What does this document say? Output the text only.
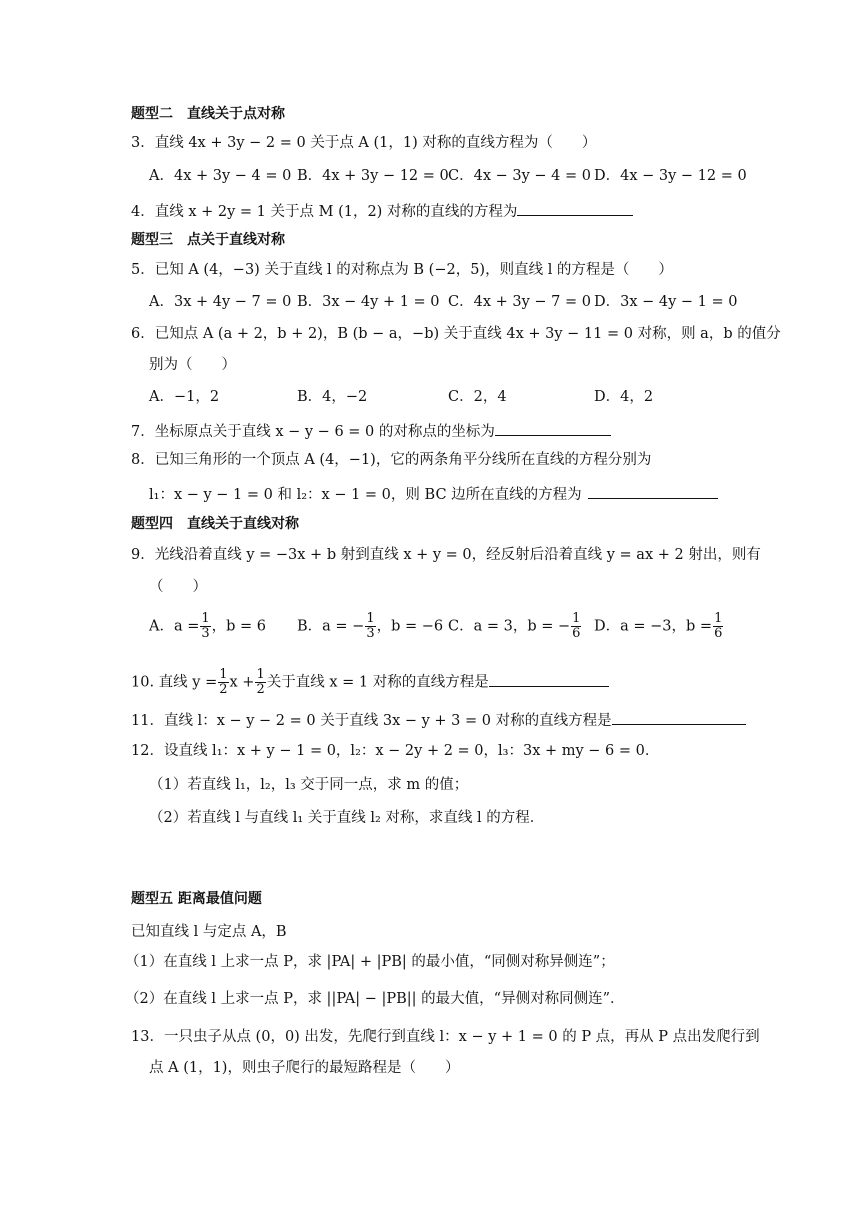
题型二　直线关于点对称
3．直线 4x + 3y − 2 = 0 关于点 A (1，1) 对称的直线方程为（　　）
A．4x + 3y − 4 = 0 B．4x + 3y − 12 = 0 C．4x − 3y − 4 = 0 D．4x − 3y − 12 = 0
4．直线 x + 2y = 1 关于点 M (1，2) 对称的直线的方程为
题型三　点关于直线对称
5．已知 A (4，−3) 关于直线 l 的对称点为 B (−2，5)，则直线 l 的方程是（　　）
A．3x + 4y − 7 = 0 B．3x − 4y + 1 = 0 C．4x + 3y − 7 = 0 D．3x − 4y − 1 = 0
6．已知点 A (a + 2，b + 2)，B (b − a，−b) 关于直线 4x + 3y − 11 = 0 对称，则 a，b 的值分
别为（　　）
A．−1，2	B．4，−2	C．2，4	D．4，2
7．坐标原点关于直线 x − y − 6 = 0 的对称点的坐标为
8．已知三角形的一个顶点 A (4，−1)，它的两条角平分线所在直线的方程分别为
l₁：x − y − 1 = 0 和 l₂：x − 1 = 0，则 BC 边所在直线的方程为
题型四　直线关于直线对称
9．光线沿着直线 y = −3x + b 射到直线 x + y = 0，经反射后沿着直线 y = ax + 2 射出，则有
（　　）
A．$a = \frac{1}{3}$ ，b = 6 B．a = − $\frac{1}{3}$ ，b = −6 C．a = 3，b = − $\frac{1}{6}$ D．a = −3，$b = \frac{1}{6}$
10. 直线 $y = \frac{1}{2}$ $x + \frac{1}{2}$ 关于直线 x = 1 对称的直线方程是
11．直线 l：x − y − 2 = 0 关于直线 3x − y + 3 = 0 对称的直线方程是
12．设直线 l₁：x + y − 1 = 0，l₂：x − 2y + 2 = 0，l₃：3x + my − 6 = 0．
（1）若直线 l₁，l₂，l₃ 交于同一点，求 m 的值；
（2）若直线 l 与直线 l₁ 关于直线 l₂ 对称，求直线 l 的方程．
题型五 距离最值问题
已知直线 l 与定点 A，B
（1）在直线 l 上求一点 P，求 |PA| + |PB| 的最小值，“同侧对称异侧连”；
（2）在直线 l 上求一点 P，求 ||PA| − |PB|| 的最大值，“异侧对称同侧连”．
13．一只虫子从点 (0，0) 出发，先爬行到直线 l：x − y + 1 = 0 的 P 点，再从 P 点出发爬行到
点 A (1，1)，则虫子爬行的最短路程是（　　）
